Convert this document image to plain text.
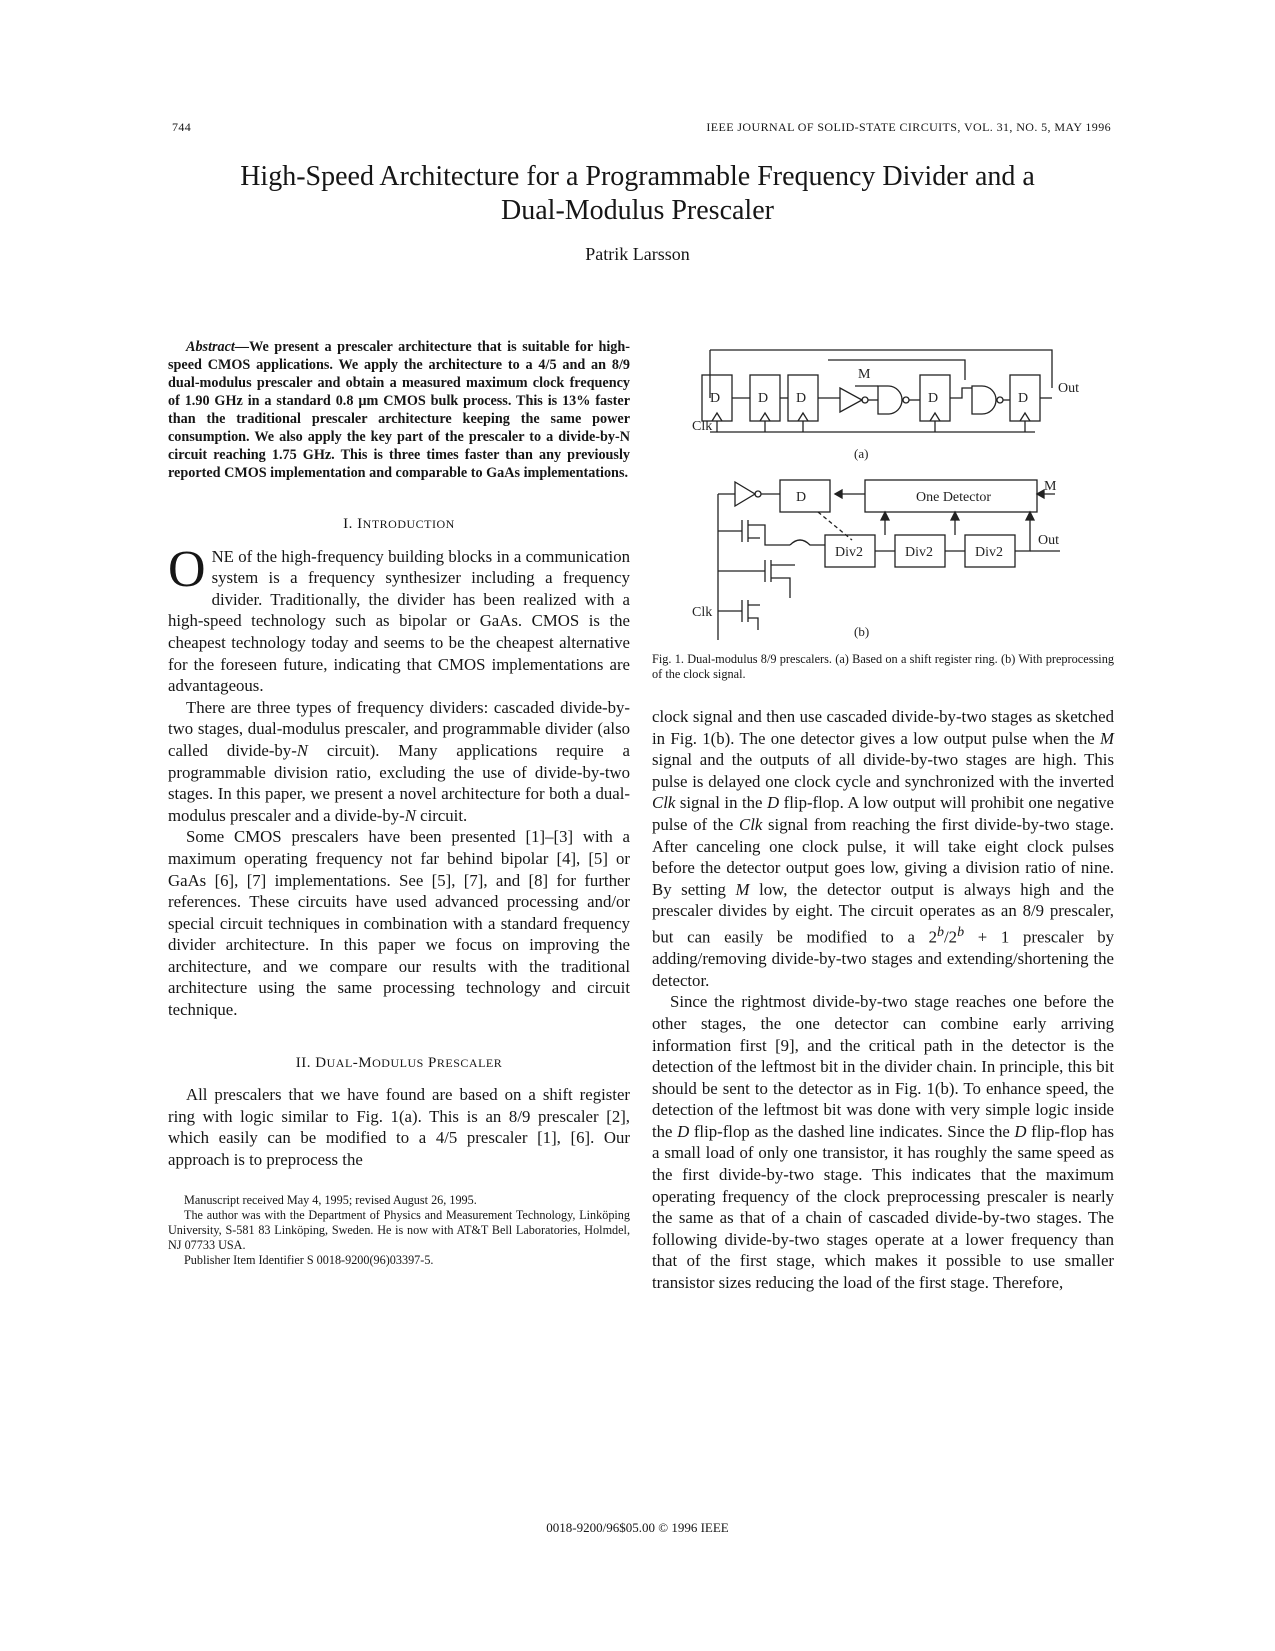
744	IEEE JOURNAL OF SOLID-STATE CIRCUITS, VOL. 31, NO. 5, MAY 1996
High-Speed Architecture for a Programmable Frequency Divider and a
Dual-Modulus Prescaler
Patrik Larsson

Abstract—We present a prescaler architecture that is suitable for high-speed CMOS applications. We apply the architecture to a 4/5 and an 8/9 dual-modulus prescaler and obtain a measured maximum clock frequency of 1.90 GHz in a standard 0.8 µm CMOS bulk process. This is 13% faster than the traditional prescaler architecture keeping the same power consumption. We also apply the key part of the prescaler to a divide-by-N circuit reaching 1.75 GHz. This is three times faster than any previously reported CMOS implementation and comparable to GaAs implementations.

I. INTRODUCTION

ONE of the high-frequency building blocks in a communication system is a frequency synthesizer including a frequency divider. Traditionally, the divider has been realized with a high-speed technology such as bipolar or GaAs. CMOS is the cheapest technology today and seems to be the cheapest alternative for the foreseen future, indicating that CMOS implementations are advantageous.

There are three types of frequency dividers: cascaded divide-by-two stages, dual-modulus prescaler, and programmable divider (also called divide-by-N circuit). Many applications require a programmable division ratio, excluding the use of divide-by-two stages. In this paper, we present a novel architecture for both a dual-modulus prescaler and a divide-by-N circuit.

Some CMOS prescalers have been presented [1]–[3] with a maximum operating frequency not far behind bipolar [4], [5] or GaAs [6], [7] implementations. See [5], [7], and [8] for further references. These circuits have used advanced processing and/or special circuit techniques in combination with a standard frequency divider architecture. In this paper we focus on improving the architecture, and we compare our results with the traditional architecture using the same processing technology and circuit technique.

II. DUAL-MODULUS PRESCALER

All prescalers that we have found are based on a shift register ring with logic similar to Fig. 1(a). This is an 8/9 prescaler [2], which easily can be modified to a 4/5 prescaler [1], [6]. Our approach is to preprocess the

Manuscript received May 4, 1995; revised August 26, 1995.

The author was with the Department of Physics and Measurement Technology, Linköping University, S-581 83 Linköping, Sweden. He is now with AT&T Bell Laboratories, Holmdel, NJ 07733 USA.

Publisher Item Identifier S 0018-9200(96)03397-5.

D	D D	D	D
M
Out
Clk
(a)
D	One Detector
M
Div2	Div2	Div2
Out
Clk
(b)
Fig. 1. Dual-modulus 8/9 prescalers. (a) Based on a shift register ring. (b) With preprocessing of the clock signal.

clock signal and then use cascaded divide-by-two stages as sketched in Fig. 1(b). The one detector gives a low output pulse when the M signal and the outputs of all divide-by-two stages are high. This pulse is delayed one clock cycle and synchronized with the inverted Clk signal in the D flip-flop. A low output will prohibit one negative pulse of the Clk signal from reaching the first divide-by-two stage. After canceling one clock pulse, it will take eight clock pulses before the detector output goes low, giving a division ratio of nine. By setting M low, the detector output is always high and the prescaler divides by eight. The circuit operates as an 8/9 prescaler, but can easily be modified to a $2^b/2^b + 1$ prescaler by adding/removing divide-by-two stages and extending/shortening the detector.

Since the rightmost divide-by-two stage reaches one before the other stages, the one detector can combine early arriving information first [9], and the critical path in the detector is the detection of the leftmost bit in the divider chain. In principle, this bit should be sent to the detector as in Fig. 1(b). To enhance speed, the detection of the leftmost bit was done with very simple logic inside the D flip-flop as the dashed line indicates. Since the D flip-flop has a small load of only one transistor, it has roughly the same speed as the first divide-by-two stage. This indicates that the maximum operating frequency of the clock preprocessing prescaler is nearly the same as that of a chain of cascaded divide-by-two stages. The following divide-by-two stages operate at a lower frequency than that of the first stage, which makes it possible to use smaller transistor sizes reducing the load of the first stage. Therefore,

0018-9200/96$05.00 © 1996 IEEE
